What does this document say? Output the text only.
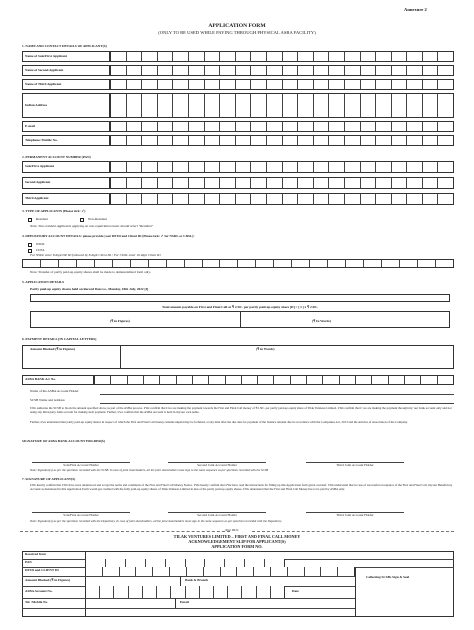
Annexure 2
APPLICATION FORM
(ONLY TO BE USED WHILE PAYING THROUGH PHYSICAL ASBA FACILITY)
1. NAME AND CONTACT DETAILS OF APPLICANT(S)
Name of Sole/First Applicant
Name of Second Applicant
Name of Third Applicant
Indian Address
E-mail
Telephone/ Mobile No.
2. PERMANENT ACCOUNT NUMBER (PAN)
Sole/First Applicant
Second Applicant
Third Applicant
3. TYPE OF APPLICANTS (Please tick: ✓)
Resident	Non-Resident
Note: Non-resident Applicants applying on non-repatriation basis should select "Resident"
4. DEPOSITORY ACCOUNT DETAILS: please provide your DP ID and Client ID (Please tick: ✓ for NSDL or CDSL):
NSDL
CDSL
For NSDL enter 8 digit DP ID followed by 8 digit Client ID / For CDSL enter 16 digit Client ID
Note: Transfer of partly paid-up equity shares shall be made to dematerialized form only.
5. APPLICATION DETAILS
Partly paid-up equity shares held on Record Date i.e., Monday, 18th July, 2022 [I]
Total amount payable on First and Final Call at ₹ 2.50/- per partly paid-up equity share [II] = [ I ] x ₹ 2.50/-
(₹ in Figures)	(₹ In Words)
6. PAYMENT DETAILS [IN CAPITAL LETTERS]
Amount Blocked (₹ in Figures)	(₹ in Words)
ASBA BANK A/c No.
Name of the ASBA Account Holder
SCSB Name and Address
I/We authorise the SCSB to block the amount specified above as part of the ASBA process. I/We confirm that I/we are making the payment towards the First and Final Call money of ₹2.50/- per partly paid-up equity share of Tilak Ventures Limited. I/We confirm that I/ we are making the payment through my/ our bank account only and not using any third-party bank account for making such payment. Further, I/we confirm that the ASBA Account is held in my/our own name.
Further, I/we understand that partly paid-up equity shares in respect of which the First and Final Call money remains unpaid may be forfeited, at any time after the due date for payment of the balance amount due in accordance with the Companies Act, 2013 and the Articles of Association of the Company.
SIGNATURE OF ASBA BANK ACCOUNT HOLDER(S)
Sole/First Account Holder	Second Joint Account Holder	Third Joint Account Holder
Note: Signature(s) as per the specimen recorded with the SCSB. In case of joint shareholders, all the joint shareholders must sign in the same sequence as per specimen recorded with the SCSB
7. SIGNATURE OF APPLICANT(S)
I/We hereby confirm that I/We have read, understood and accept the terms and conditions of the First and Final Call Money Notice. I/We hereby confirm that I/We have read the instructions for filling up this Application form given overleaf. I/We understand that in case of successful acceptance of the First and Final Call, my/our Beneficiary Account as mentioned in this Application Form would get credited with the fully paid-up equity shares of Tilak Ventures Limited in lieu of the partly paid-up equity shares. I/We understand that the First and Final Call Money has to be paid by ASBA only.
Sole/First Account Holder	Second Joint Account Holder	Third Joint Account Holder
Note: Signature(s) as per the specimen recorded with the Depository. In case of joint shareholders, all the joint shareholders must sign in the same sequence as per specimen recorded with the Depository.
Tear Here
TILAK VENTURES LIMITED – FIRST AND FINAL CALL MONEY
ACKNOWLEDGEMENT SLIP FOR APPLICANT(S)
APPLICATION FORM NO.
Received from
PAN
DP ID and CLIENT ID
Collecting SCSBs Sign & Seal
Amount Blocked (₹ in Figures)	Bank & Branch
ASBA Account No.	Date
Tel. /Mobile No.	Email
